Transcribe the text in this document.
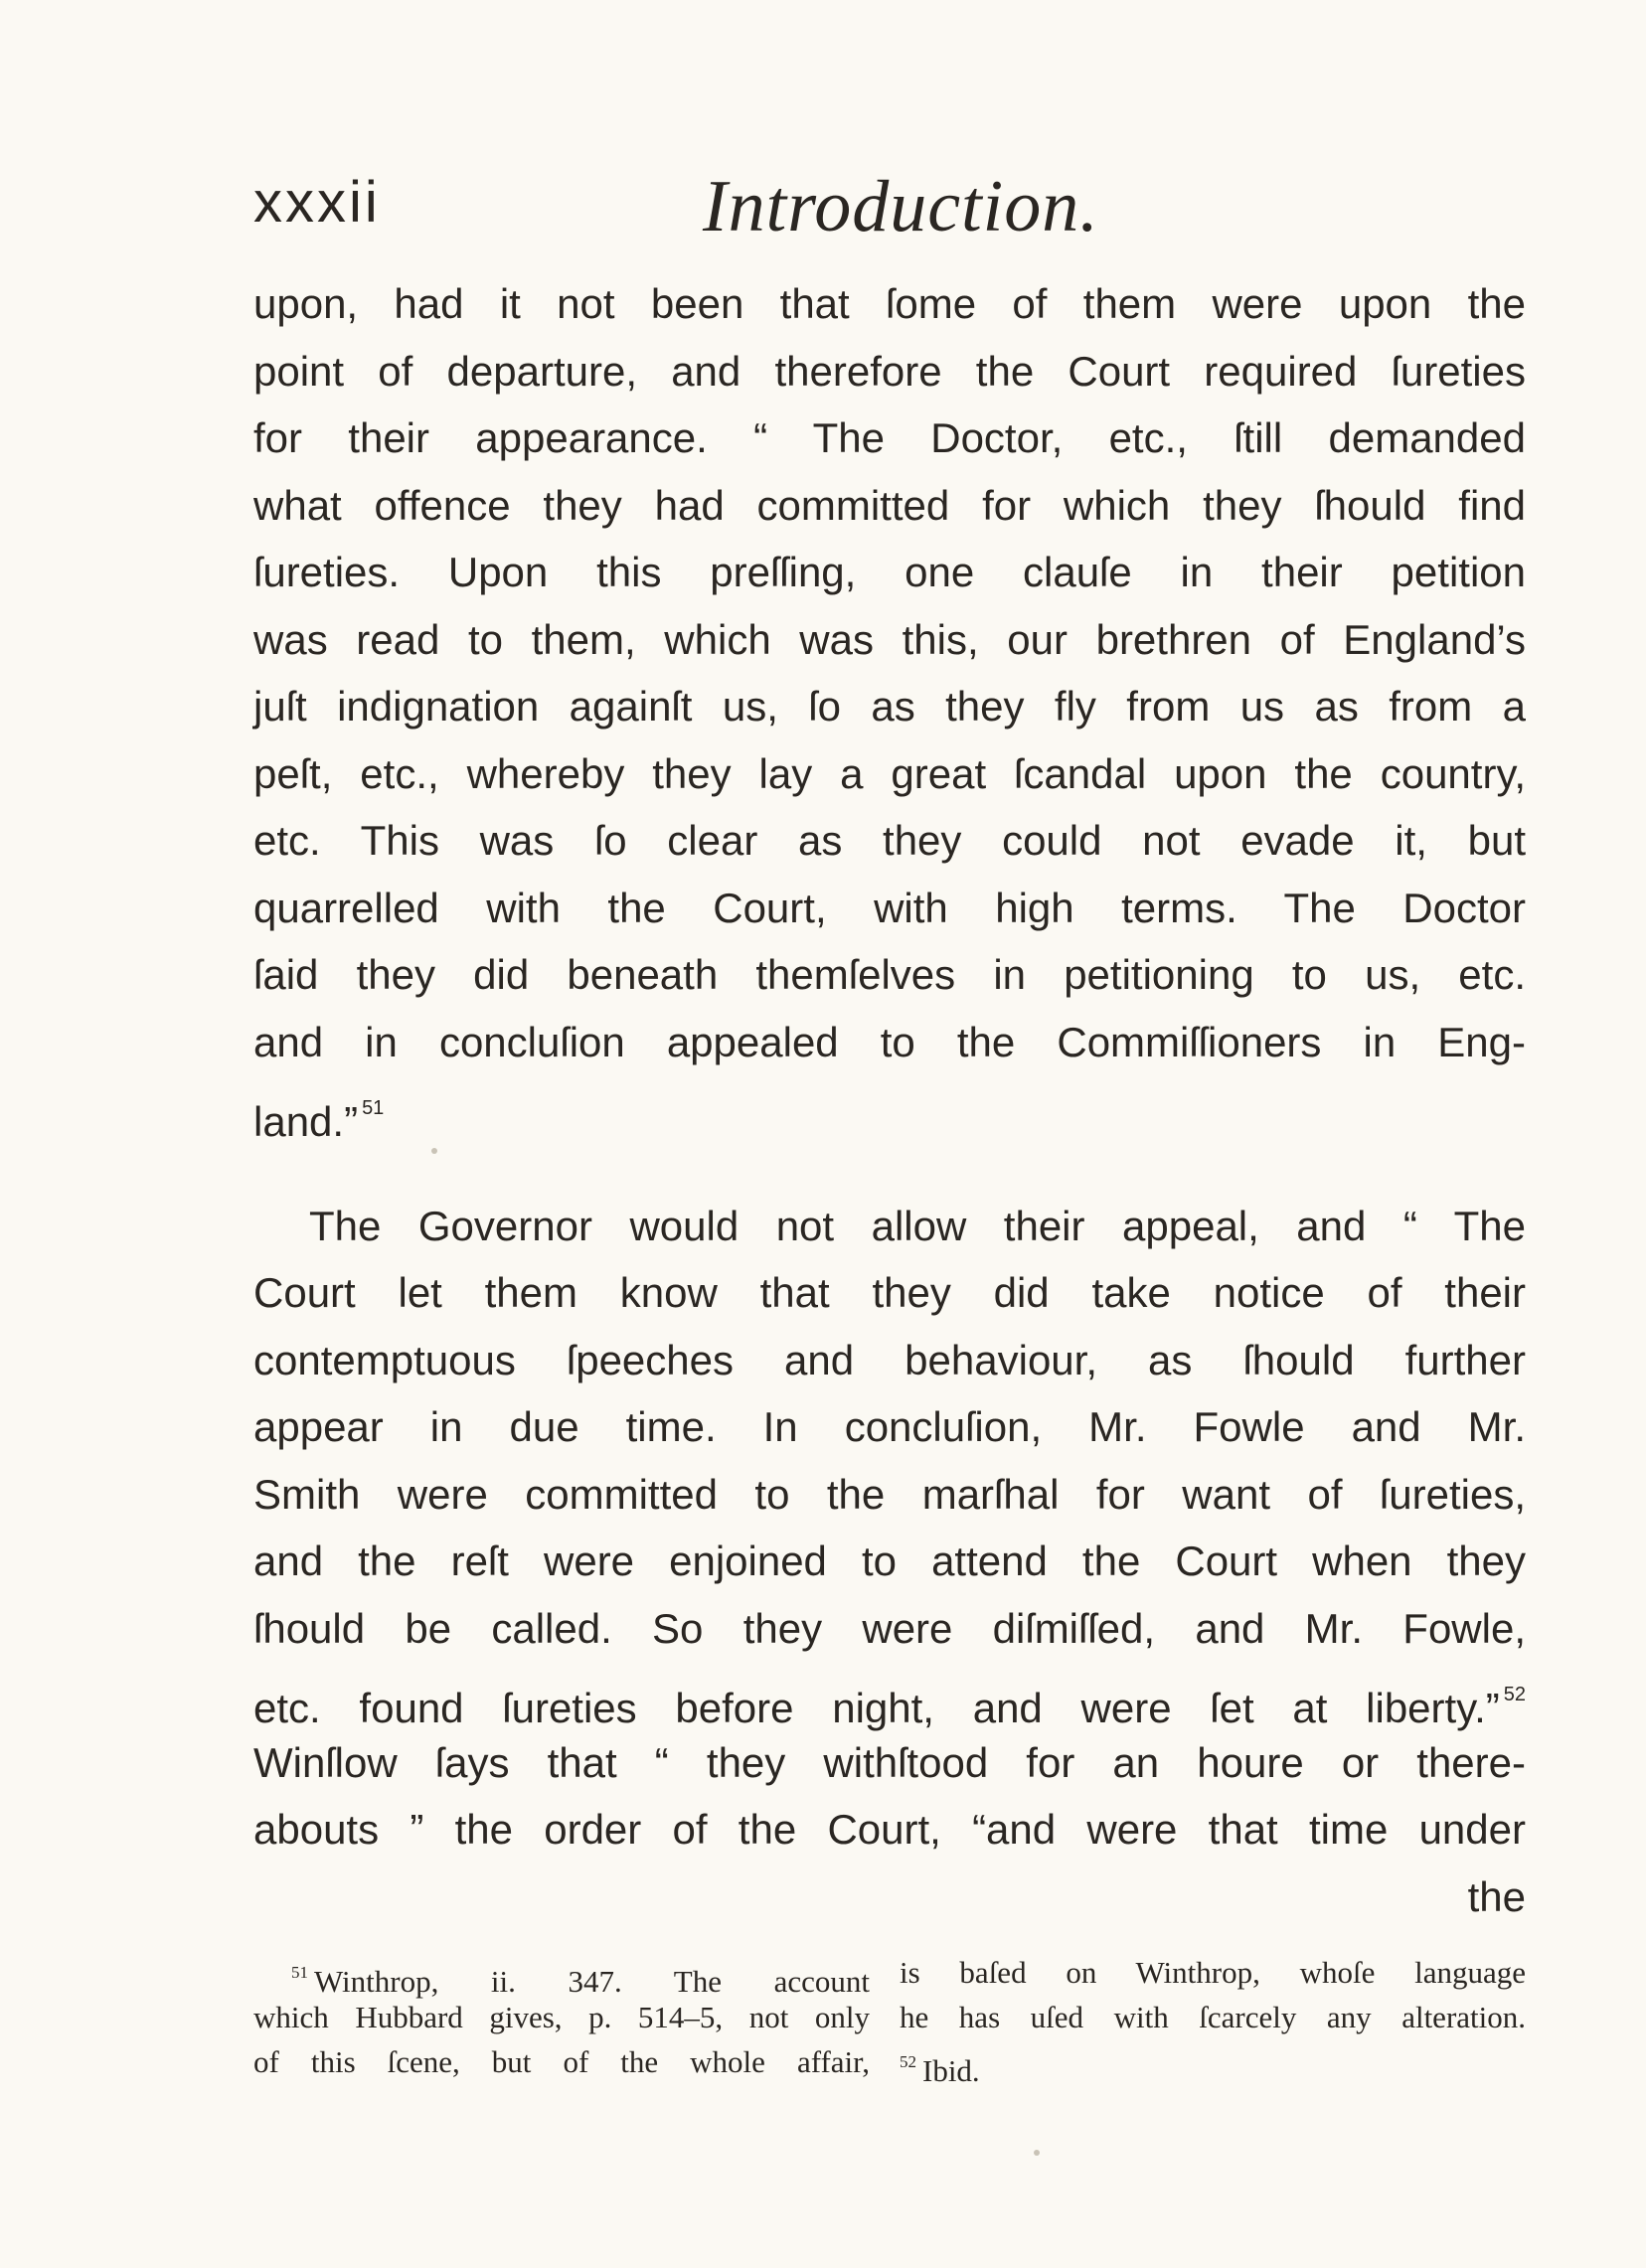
xxxii	Introduction.
upon, had it not been that ſome of them were upon the
point of departure, and therefore the Court required ſureties
for their appearance. “ The Doctor, etc., ſtill demanded
what offence they had committed for which they ſhould find
ſureties. Upon this preſſing, one clauſe in their petition
was read to them, which was this, our brethren of England’s
juſt indignation againſt us, ſo as they fly from us as from a
peſt, etc., whereby they lay a great ſcandal upon the country,
etc. This was ſo clear as they could not evade it, but
quarrelled with the Court, with high terms. The Doctor
ſaid they did beneath themſelves in petitioning to us, etc.
and in concluſion appealed to the Commiſſioners in Eng-
land.” $^{51}$
The Governor would not allow their appeal, and “ The
Court let them know that they did take notice of their
contemptuous ſpeeches and behaviour, as ſhould further
appear in due time. In concluſion, Mr. Fowle and Mr.
Smith were committed to the marſhal for want of ſureties,
and the reſt were enjoined to attend the Court when they
ſhould be called. So they were diſmiſſed, and Mr. Fowle,
etc. found ſureties before night, and were ſet at liberty.” $^{52}$
Winſlow ſays that “ they withſtood for an houre or there-
abouts ” the order of the Court, “and were that time under
the
$^{51}$ Winthrop, ii. 347. The account
which Hubbard gives, p. 514–5, not only
of this ſcene, but of the whole affair,
is baſed on Winthrop, whoſe language
he has uſed with ſcarcely any alteration.
$^{52}$ Ibid.
